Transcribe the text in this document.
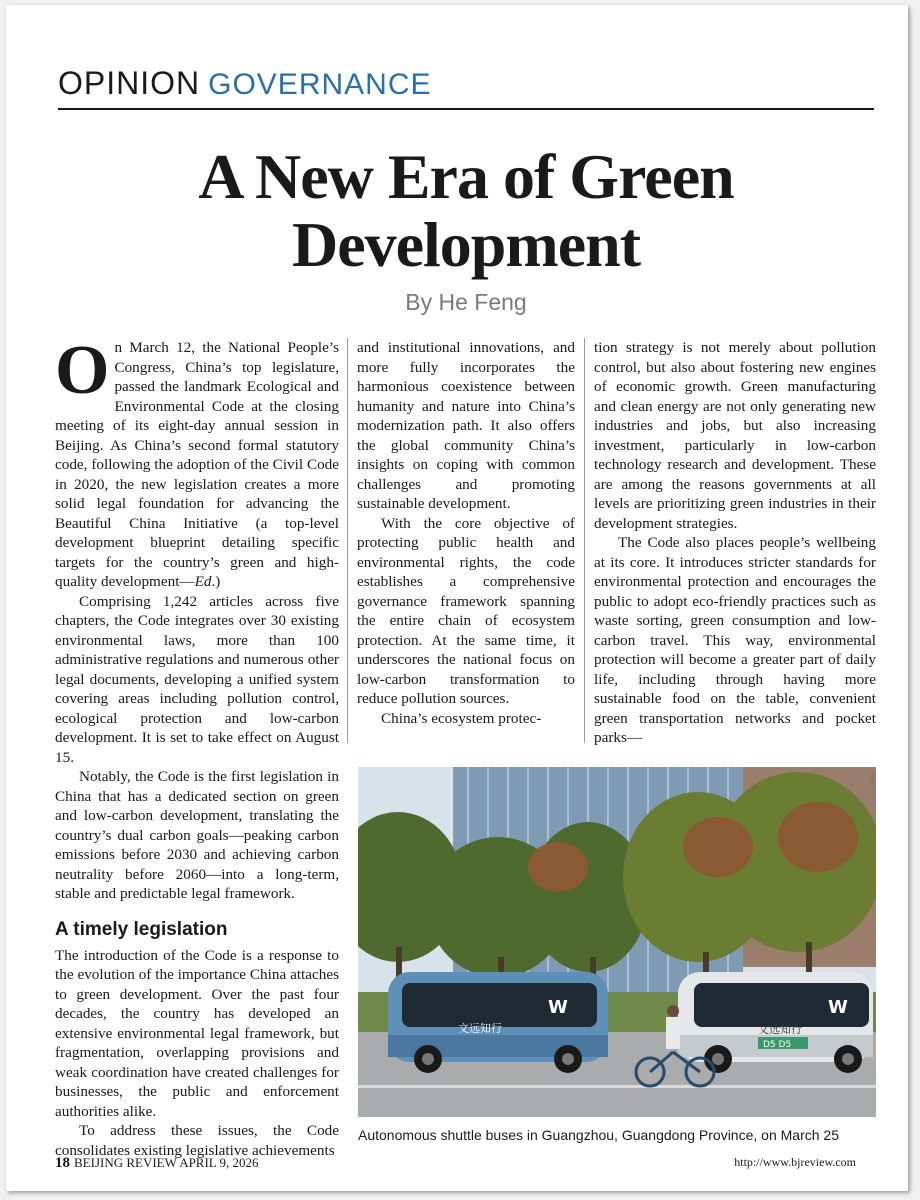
OPINION GOVERNANCE
A New Era of Green Development
By He Feng

On March 12, the National People’s Congress, China’s top legislature, passed the landmark Ecological and Environmental Code at the closing meeting of its eight-day annual session in Beijing. As China’s second formal statutory code, following the adoption of the Civil Code in 2020, the new legislation creates a more solid legal foundation for advancing the Beautiful China Initiative (a top-level development blueprint detailing specific targets for the country’s green and high-quality development—Ed.)

Comprising 1,242 articles across five chapters, the Code integrates over 30 existing environmental laws, more than 100 administrative regulations and numerous other legal documents, developing a unified system covering areas including pollution control, ecological protection and low-carbon development. It is set to take effect on August 15.

Notably, the Code is the first legislation in China that has a dedicated section on green and low-carbon development, translating the country’s dual carbon goals—peaking carbon emissions before 2030 and achieving carbon neutrality before 2060—into a long-term, stable and predictable legal framework.

A timely legislation

The introduction of the Code is a response to the evolution of the importance China attaches to green development. Over the past four decades, the country has developed an extensive environmental legal framework, but fragmentation, overlapping provisions and weak coordination have created challenges for businesses, the public and enforcement authorities alike.

To address these issues, the Code consolidates existing legislative achievements

and institutional innovations, and more fully incorporates the harmonious coexistence between humanity and nature into China’s modernization path. It also offers the global community China’s insights on coping with common challenges and promoting sustainable development.

With the core objective of protecting public health and environmental rights, the code establishes a comprehensive governance framework spanning the entire chain of ecosystem protection. At the same time, it underscores the national focus on low-carbon transformation to reduce pollution sources.

China’s ecosystem protec-

tion strategy is not merely about pollution control, but also about fostering new engines of economic growth. Green manufacturing and clean energy are not only generating new industries and jobs, but also increasing investment, particularly in low-carbon technology research and development. These are among the reasons governments at all levels are prioritizing green industries in their development strategies.

The Code also places people’s wellbeing at its core. It introduces stricter standards for environmental protection and encourages the public to adopt eco-friendly practices such as waste sorting, green consumption and low-carbon travel. This way, environmental protection will become a greater part of daily life, including through having more sustainable food on the table, convenient green transportation networks and pocket parks—

W
文远知行
W
文远知行
D5 D5
XINHUA
Autonomous shuttle buses in Guangzhou, Guangdong Province, on March 25
18 BEIJING REVIEW APRIL 9, 2026	http://www.bjreview.com
